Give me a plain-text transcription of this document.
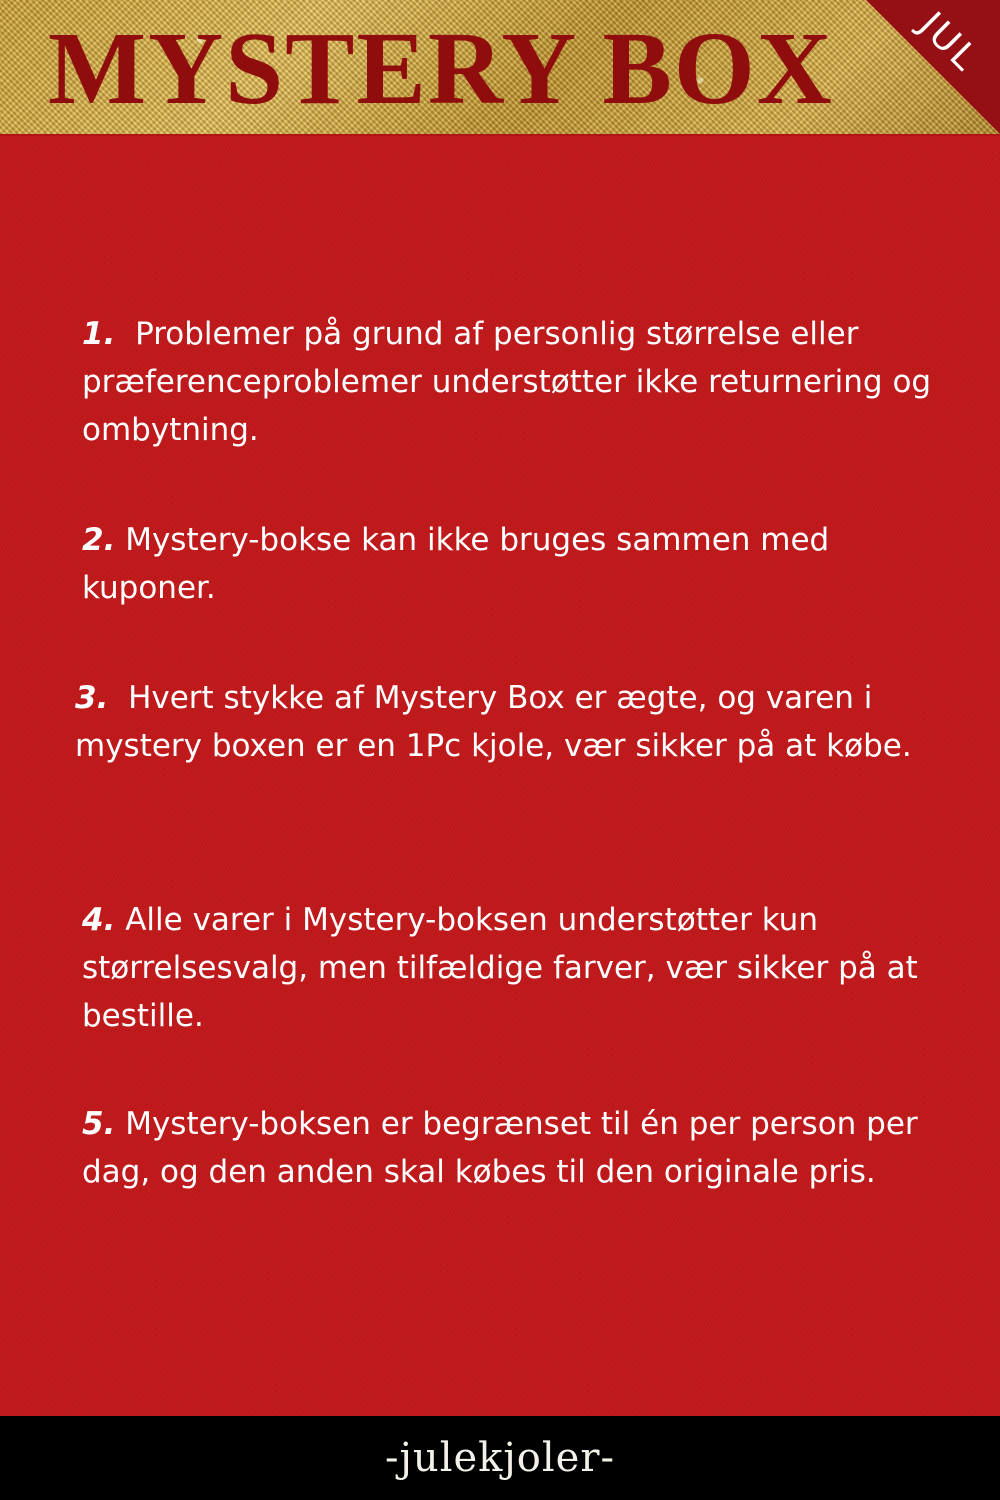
MYSTERY BOX JUL

1. Problemer på grund af personlig størrelse eller præferenceproblemer understøtter ikke returnering og ombytning.

2. Mystery-bokse kan ikke bruges sammen med kuponer.

3. Hvert stykke af Mystery Box er ægte, og varen i mystery boxen er en 1Pc kjole, vær sikker på at købe.

4. Alle varer i Mystery-boksen understøtter kun størrelsesvalg, men tilfældige farver, vær sikker på at bestille.

5. Mystery-boksen er begrænset til én per person per dag, og den anden skal købes til den originale pris.

-julekjoler-
